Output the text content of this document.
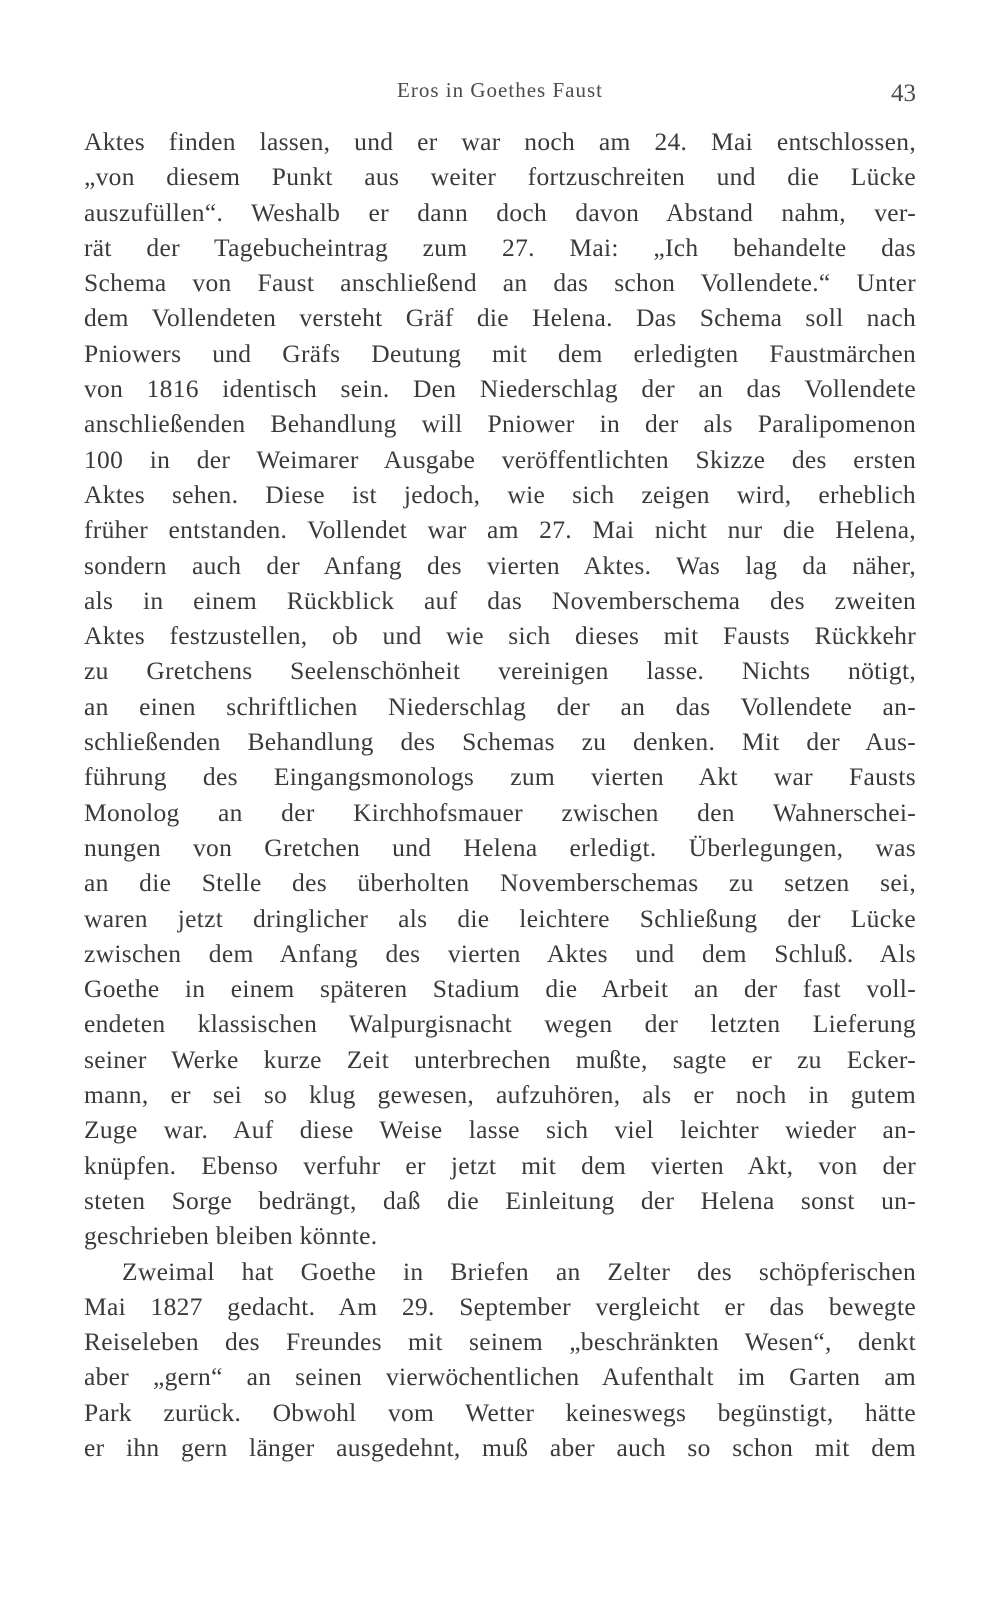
Eros in Goethes Faust	43
Aktes finden lassen, und er war noch am 24. Mai entschlossen,
„von diesem Punkt aus weiter fortzuschreiten und die Lücke
auszufüllen“. Weshalb er dann doch davon Abstand nahm, ver-
rät der Tagebucheintrag zum 27. Mai: „Ich behandelte das
Schema von Faust anschließend an das schon Vollendete.“ Unter
dem Vollendeten versteht Gräf die Helena. Das Schema soll nach
Pniowers und Gräfs Deutung mit dem erledigten Faustmärchen
von 1816 identisch sein. Den Niederschlag der an das Vollendete
anschließenden Behandlung will Pniower in der als Paralipomenon
100 in der Weimarer Ausgabe veröffentlichten Skizze des ersten
Aktes sehen. Diese ist jedoch, wie sich zeigen wird, erheblich
früher entstanden. Vollendet war am 27. Mai nicht nur die Helena,
sondern auch der Anfang des vierten Aktes. Was lag da näher,
als in einem Rückblick auf das Novemberschema des zweiten
Aktes festzustellen, ob und wie sich dieses mit Fausts Rückkehr
zu Gretchens Seelenschönheit vereinigen lasse. Nichts nötigt,
an einen schriftlichen Niederschlag der an das Vollendete an-
schließenden Behandlung des Schemas zu denken. Mit der Aus-
führung des Eingangsmonologs zum vierten Akt war Fausts
Monolog an der Kirchhofsmauer zwischen den Wahnerschei-
nungen von Gretchen und Helena erledigt. Überlegungen, was
an die Stelle des überholten Novemberschemas zu setzen sei,
waren jetzt dringlicher als die leichtere Schließung der Lücke
zwischen dem Anfang des vierten Aktes und dem Schluß. Als
Goethe in einem späteren Stadium die Arbeit an der fast voll-
endeten klassischen Walpurgisnacht wegen der letzten Lieferung
seiner Werke kurze Zeit unterbrechen mußte, sagte er zu Ecker-
mann, er sei so klug gewesen, aufzuhören, als er noch in gutem
Zuge war. Auf diese Weise lasse sich viel leichter wieder an-
knüpfen. Ebenso verfuhr er jetzt mit dem vierten Akt, von der
steten Sorge bedrängt, daß die Einleitung der Helena sonst un-
geschrieben bleiben könnte.
Zweimal hat Goethe in Briefen an Zelter des schöpferischen
Mai 1827 gedacht. Am 29. September vergleicht er das bewegte
Reiseleben des Freundes mit seinem „beschränkten Wesen“, denkt
aber „gern“ an seinen vierwöchentlichen Aufenthalt im Garten am
Park zurück. Obwohl vom Wetter keineswegs begünstigt, hätte
er ihn gern länger ausgedehnt, muß aber auch so schon mit dem
